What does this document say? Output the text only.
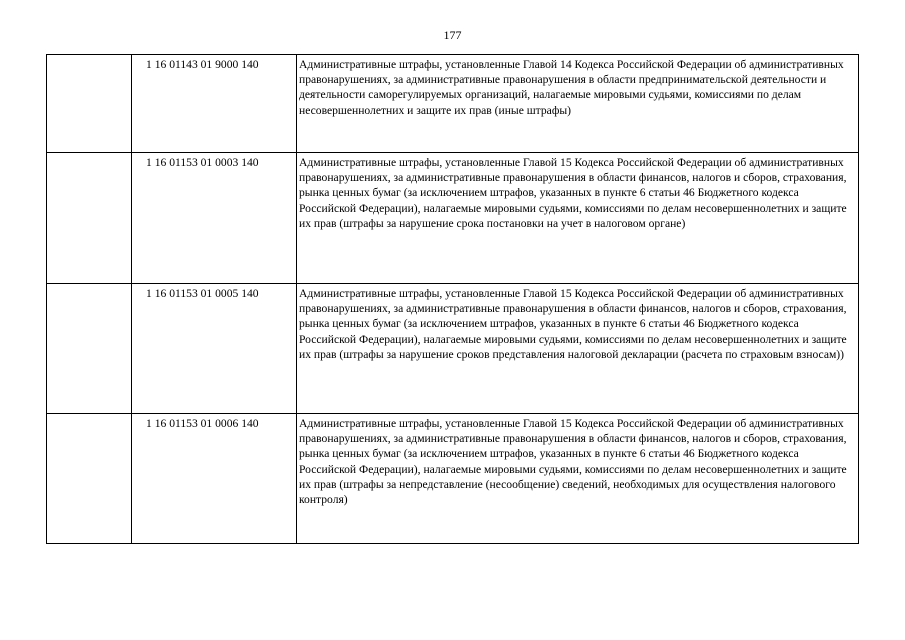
177
	1 16 01143 01 9000 140	Административные штрафы, установленные Главой 14 Кодекса Российской Федерации об административных правонарушениях, за административные правонарушения в области предпринимательской деятельности и деятельности саморегулируемых организаций, налагаемые мировыми судьями, комиссиями по делам несовершеннолетних и защите их прав (иные штрафы)
	1 16 01153 01 0003 140	Административные штрафы, установленные Главой 15 Кодекса Российской Федерации об административных правонарушениях, за административные правонарушения в области финансов, налогов и сборов, страхования, рынка ценных бумаг (за исключением штрафов, указанных в пункте 6 статьи 46 Бюджетного кодекса Российской Федерации), налагаемые мировыми судьями, комиссиями по делам несовершеннолетних и защите их прав (штрафы за нарушение срока постановки на учет в налоговом органе)
	1 16 01153 01 0005 140	Административные штрафы, установленные Главой 15 Кодекса Российской Федерации об административных правонарушениях, за административные правонарушения в области финансов, налогов и сборов, страхования, рынка ценных бумаг (за исключением штрафов, указанных в пункте 6 статьи 46 Бюджетного кодекса Российской Федерации), налагаемые мировыми судьями, комиссиями по делам несовершеннолетних и защите их прав (штрафы за нарушение сроков представления налоговой декларации (расчета по страховым взносам))
	1 16 01153 01 0006 140	Административные штрафы, установленные Главой 15 Кодекса Российской Федерации об административных правонарушениях, за административные правонарушения в области финансов, налогов и сборов, страхования, рынка ценных бумаг (за исключением штрафов, указанных в пункте 6 статьи 46 Бюджетного кодекса Российской Федерации), налагаемые мировыми судьями, комиссиями по делам несовершеннолетних и защите их прав (штрафы за непредставление (несообщение) сведений, необходимых для осуществления налогового контроля)
